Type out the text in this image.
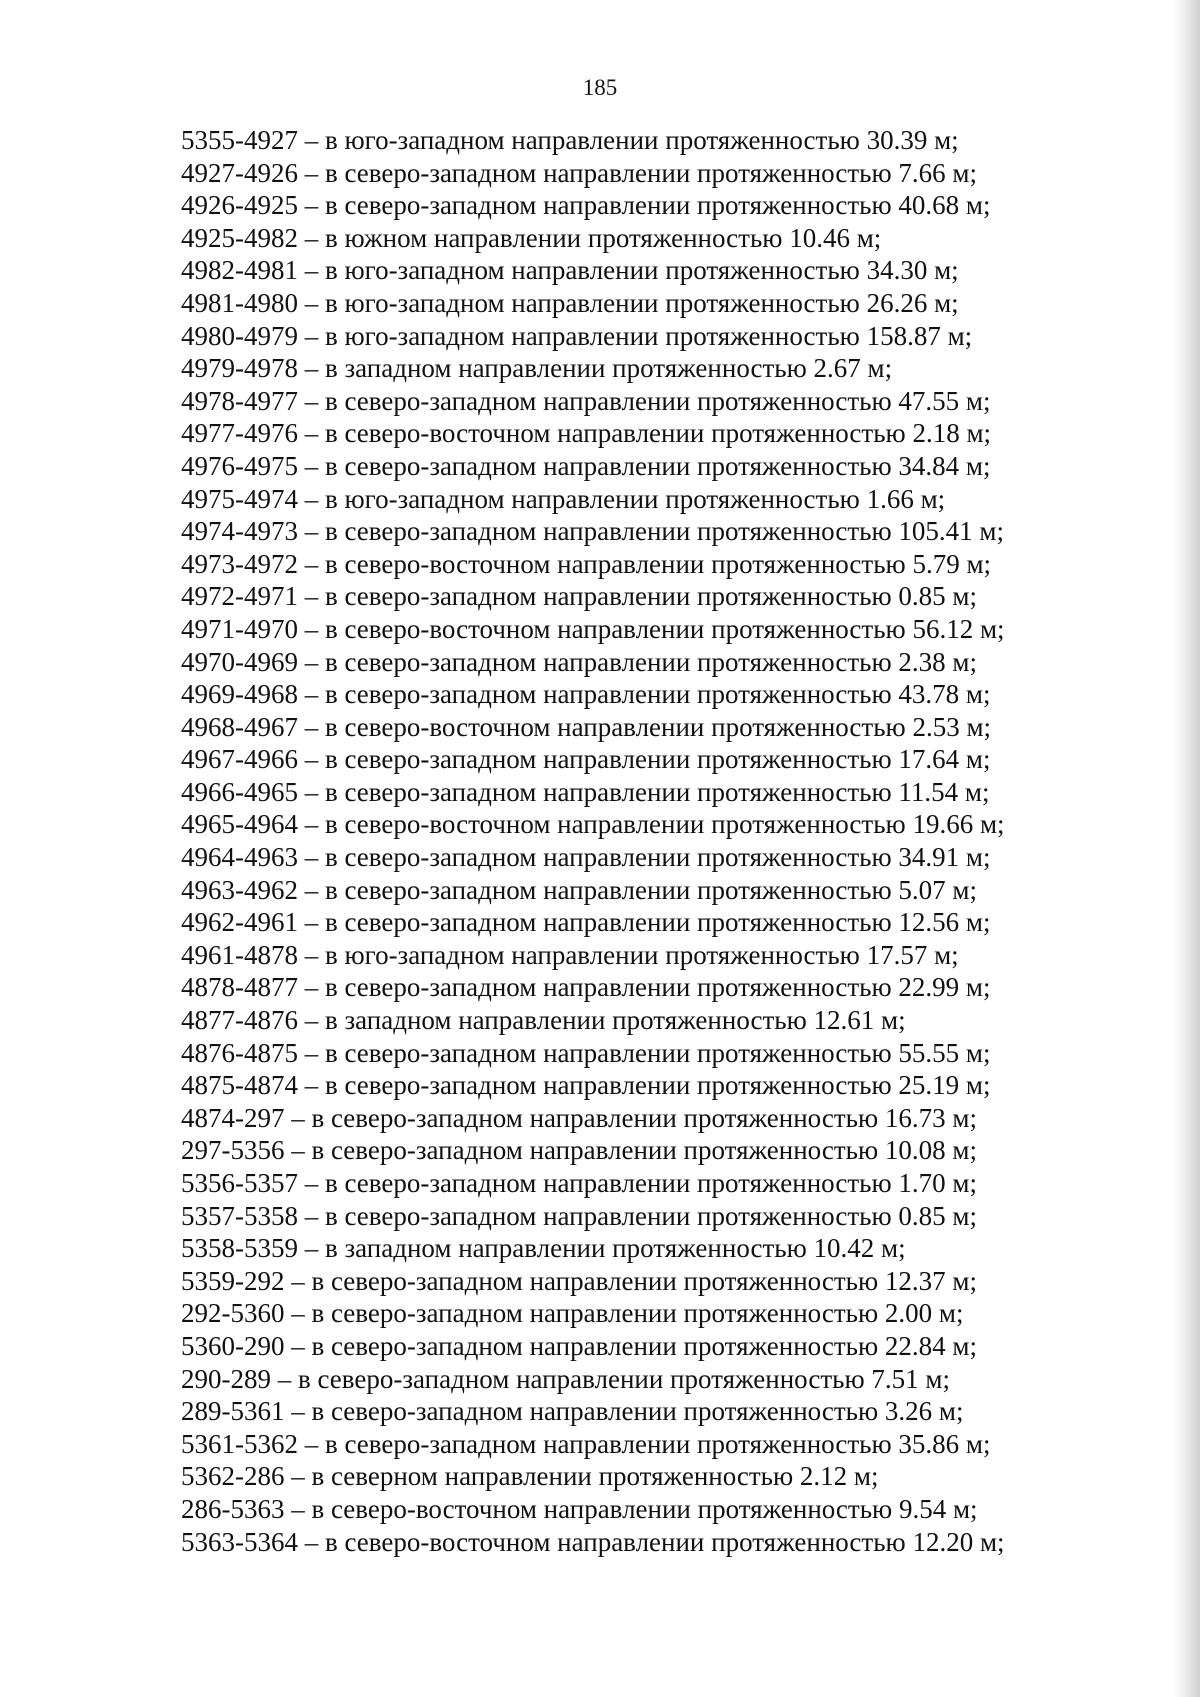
185
5355-4927 – в юго-западном направлении протяженностью 30.39 м;
4927-4926 – в северо-западном направлении протяженностью 7.66 м;
4926-4925 – в северо-западном направлении протяженностью 40.68 м;
4925-4982 – в южном направлении протяженностью 10.46 м;
4982-4981 – в юго-западном направлении протяженностью 34.30 м;
4981-4980 – в юго-западном направлении протяженностью 26.26 м;
4980-4979 – в юго-западном направлении протяженностью 158.87 м;
4979-4978 – в западном направлении протяженностью 2.67 м;
4978-4977 – в северо-западном направлении протяженностью 47.55 м;
4977-4976 – в северо-восточном направлении протяженностью 2.18 м;
4976-4975 – в северо-западном направлении протяженностью 34.84 м;
4975-4974 – в юго-западном направлении протяженностью 1.66 м;
4974-4973 – в северо-западном направлении протяженностью 105.41 м;
4973-4972 – в северо-восточном направлении протяженностью 5.79 м;
4972-4971 – в северо-западном направлении протяженностью 0.85 м;
4971-4970 – в северо-восточном направлении протяженностью 56.12 м;
4970-4969 – в северо-западном направлении протяженностью 2.38 м;
4969-4968 – в северо-западном направлении протяженностью 43.78 м;
4968-4967 – в северо-восточном направлении протяженностью 2.53 м;
4967-4966 – в северо-западном направлении протяженностью 17.64 м;
4966-4965 – в северо-западном направлении протяженностью 11.54 м;
4965-4964 – в северо-восточном направлении протяженностью 19.66 м;
4964-4963 – в северо-западном направлении протяженностью 34.91 м;
4963-4962 – в северо-западном направлении протяженностью 5.07 м;
4962-4961 – в северо-западном направлении протяженностью 12.56 м;
4961-4878 – в юго-западном направлении протяженностью 17.57 м;
4878-4877 – в северо-западном направлении протяженностью 22.99 м;
4877-4876 – в западном направлении протяженностью 12.61 м;
4876-4875 – в северо-западном направлении протяженностью 55.55 м;
4875-4874 – в северо-западном направлении протяженностью 25.19 м;
4874-297 – в северо-западном направлении протяженностью 16.73 м;
297-5356 – в северо-западном направлении протяженностью 10.08 м;
5356-5357 – в северо-западном направлении протяженностью 1.70 м;
5357-5358 – в северо-западном направлении протяженностью 0.85 м;
5358-5359 – в западном направлении протяженностью 10.42 м;
5359-292 – в северо-западном направлении протяженностью 12.37 м;
292-5360 – в северо-западном направлении протяженностью 2.00 м;
5360-290 – в северо-западном направлении протяженностью 22.84 м;
290-289 – в северо-западном направлении протяженностью 7.51 м;
289-5361 – в северо-западном направлении протяженностью 3.26 м;
5361-5362 – в северо-западном направлении протяженностью 35.86 м;
5362-286 – в северном направлении протяженностью 2.12 м;
286-5363 – в северо-восточном направлении протяженностью 9.54 м;
5363-5364 – в северо-восточном направлении протяженностью 12.20 м;
